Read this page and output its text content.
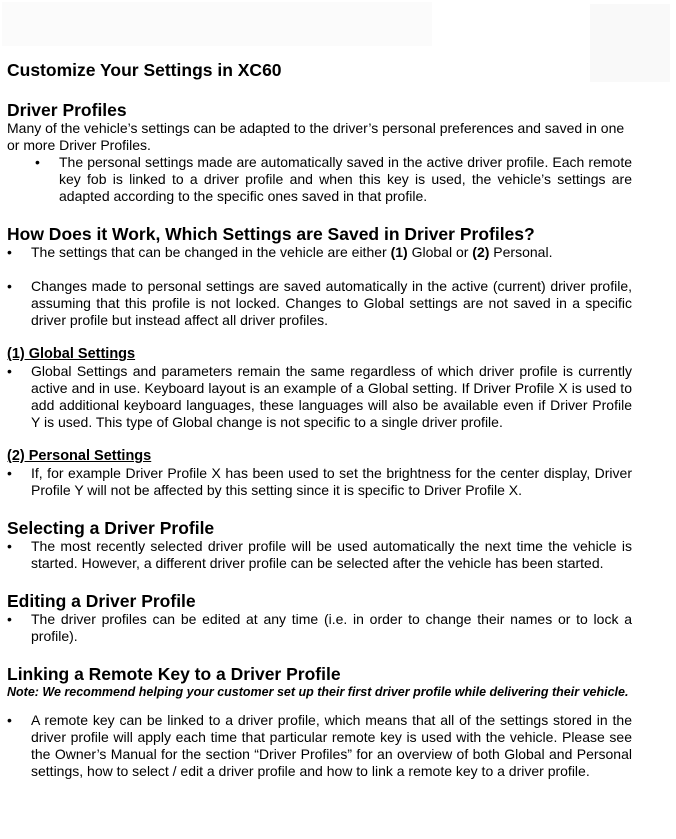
Customize Your Settings in XC60
Driver Profiles

Many of the vehicle’s settings can be adapted to the driver’s personal preferences and saved in one or more Driver Profiles.

• The personal settings made are automatically saved in the active driver profile. Each remote key fob is linked to a driver profile and when this key is used, the vehicle’s settings are adapted according to the specific ones saved in that profile.
How Does it Work, Which Settings are Saved in Driver Profiles?
• The settings that can be changed in the vehicle are either (1) Global or (2) Personal.
• Changes made to personal settings are saved automatically in the active (current) driver profile, assuming that this profile is not locked. Changes to Global settings are not saved in a specific driver profile but instead affect all driver profiles.

(1) Global Settings

• Global Settings and parameters remain the same regardless of which driver profile is currently active and in use. Keyboard layout is an example of a Global setting. If Driver Profile X is used to add additional keyboard languages, these languages will also be available even if Driver Profile Y is used. This type of Global change is not specific to a single driver profile.

(2) Personal Settings

• If, for example Driver Profile X has been used to set the brightness for the center display, Driver Profile Y will not be affected by this setting since it is specific to Driver Profile X.
Selecting a Driver Profile
• The most recently selected driver profile will be used automatically the next time the vehicle is started. However, a different driver profile can be selected after the vehicle has been started.
Editing a Driver Profile
• The driver profiles can be edited at any time (i.e. in order to change their names or to lock a profile).
Linking a Remote Key to a Driver Profile

Note: We recommend helping your customer set up their first driver profile while delivering their vehicle.

• A remote key can be linked to a driver profile, which means that all of the settings stored in the driver profile will apply each time that particular remote key is used with the vehicle. Please see the Owner’s Manual for the section “Driver Profiles” for an overview of both Global and Personal settings, how to select / edit a driver profile and how to link a remote key to a driver profile.
